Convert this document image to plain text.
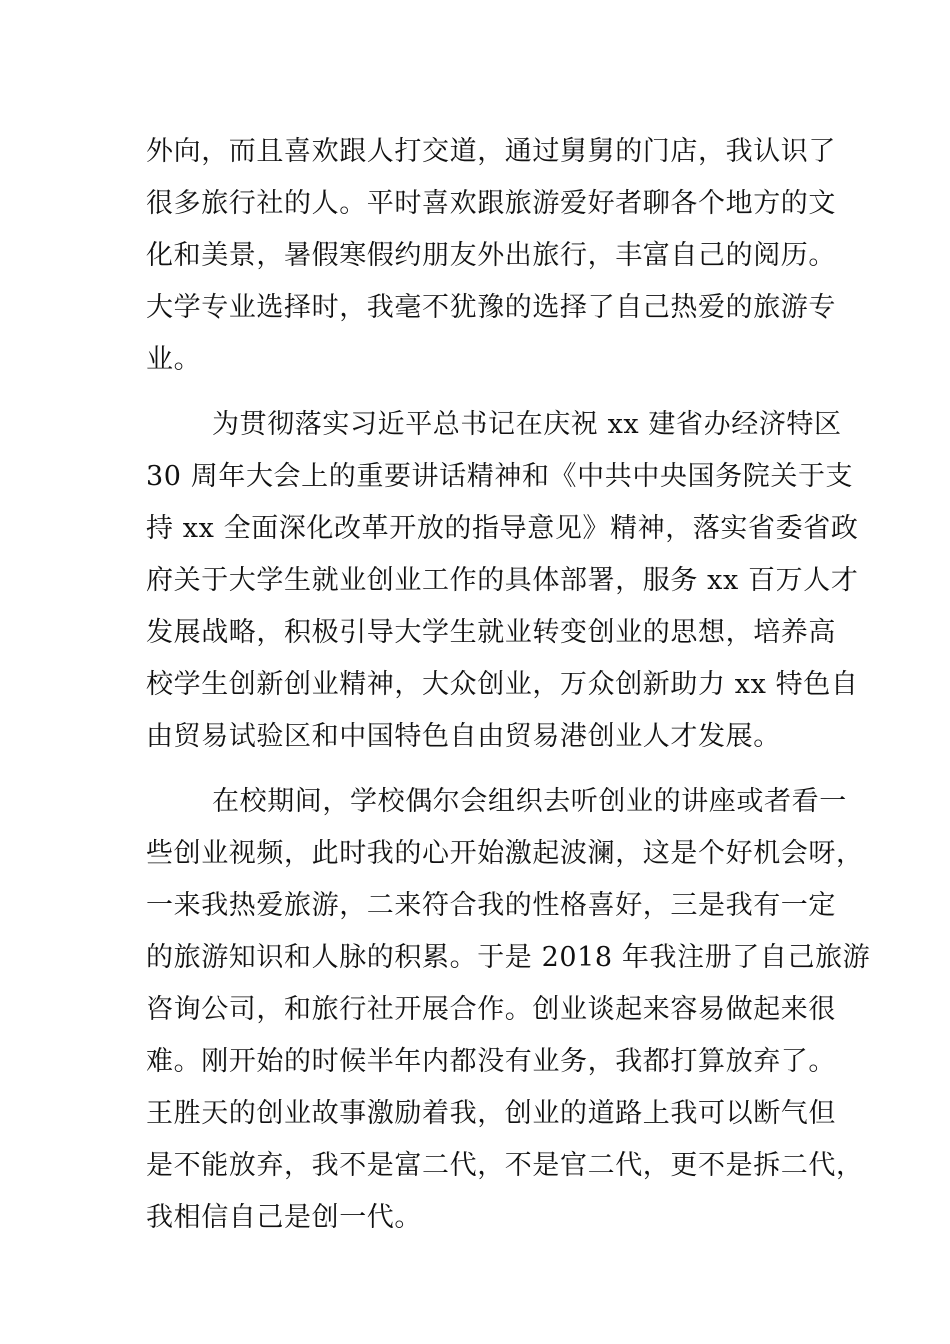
外向，而且喜欢跟人打交道，通过舅舅的门店，我认识了
很多旅行社的人。平时喜欢跟旅游爱好者聊各个地方的文
化和美景，暑假寒假约朋友外出旅行，丰富自己的阅历。
大学专业选择时，我毫不犹豫的选择了自己热爱的旅游专
业。
为贯彻落实习近平总书记在庆祝 xx 建省办经济特区
30 周年大会上的重要讲话精神和《中共中央国务院关于支
持 xx 全面深化改革开放的指导意见》精神，落实省委省政
府关于大学生就业创业工作的具体部署，服务 xx 百万人才
发展战略，积极引导大学生就业转变创业的思想，培养高
校学生创新创业精神，大众创业，万众创新助力 xx 特色自
由贸易试验区和中国特色自由贸易港创业人才发展。
在校期间，学校偶尔会组织去听创业的讲座或者看一
些创业视频，此时我的心开始激起波澜，这是个好机会呀，
一来我热爱旅游，二来符合我的性格喜好，三是我有一定
的旅游知识和人脉的积累。于是 2018 年我注册了自己旅游
咨询公司，和旅行社开展合作。创业谈起来容易做起来很
难。刚开始的时候半年内都没有业务，我都打算放弃了。
王胜天的创业故事激励着我，创业的道路上我可以断气但
是不能放弃，我不是富二代，不是官二代，更不是拆二代，
我相信自己是创一代。
